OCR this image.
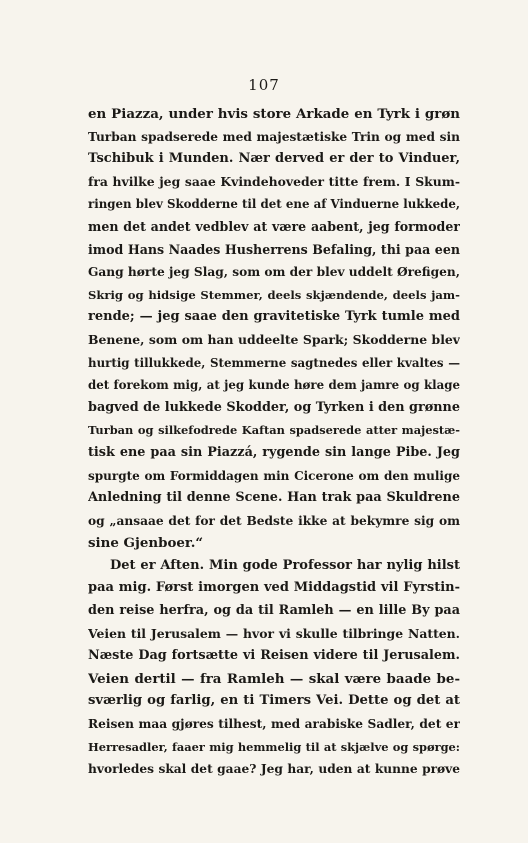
107
en Piazza, under hvis store Arkade en Tyrk i grøn
Turban spadserede med majestætiske Trin og med sin
Tschibuk i Munden. Nær derved er der to Vinduer,
fra hvilke jeg saae Kvindehoveder titte frem. I Skum-
ringen blev Skodderne til det ene af Vinduerne lukkede,
men det andet vedblev at være aabent, jeg formoder
imod Hans Naades Husherrens Befaling, thi paa een
Gang hørte jeg Slag, som om der blev uddelt Ørefigen,
Skrig og hidsige Stemmer, deels skjændende, deels jam-
rende; — jeg saae den gravitetiske Tyrk tumle med
Benene, som om han uddeelte Spark; Skodderne blev
hurtig tillukkede, Stemmerne sagtnedes eller kvaltes —
det forekom mig, at jeg kunde høre dem jamre og klage
bagved de lukkede Skodder, og Tyrken i den grønne
Turban og silkefodrede Kaftan spadserede atter majestæ-
tisk ene paa sin Piazzá, rygende sin lange Pibe. Jeg
spurgte om Formiddagen min Cicerone om den mulige
Anledning til denne Scene. Han trak paa Skuldrene
og „ansaae det for det Bedste ikke at bekymre sig om
sine Gjenboer.“
Det er Aften. Min gode Professor har nylig hilst
paa mig. Først imorgen ved Middagstid vil Fyrstin-
den reise herfra, og da til Ramleh — en lille By paa
Veien til Jerusalem — hvor vi skulle tilbringe Natten.
Næste Dag fortsætte vi Reisen videre til Jerusalem.
Veien dertil — fra Ramleh — skal være baade be-
sværlig og farlig, en ti Timers Vei. Dette og det at
Reisen maa gjøres tilhest, med arabiske Sadler, det er
Herresadler, faaer mig hemmelig til at skjælve og spørge:
hvorledes skal det gaae? Jeg har, uden at kunne prøve
